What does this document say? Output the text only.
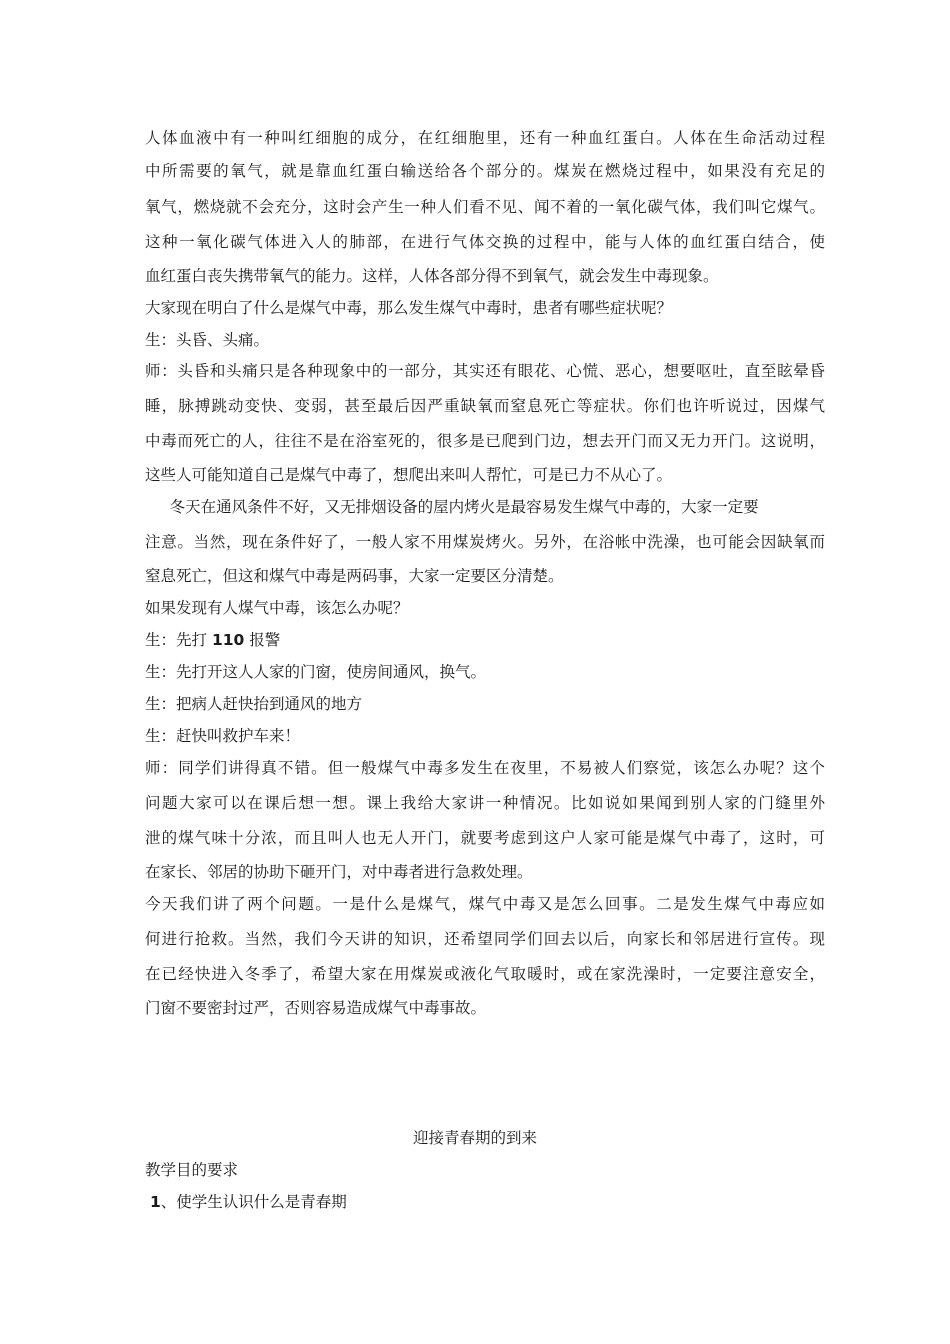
人体血液中有一种叫红细胞的成分，在红细胞里，还有一种血红蛋白。人体在生命活动过程
中所需要的氧气，就是靠血红蛋白输送给各个部分的。煤炭在燃烧过程中，如果没有充足的
氧气，燃烧就不会充分，这时会产生一种人们看不见、闻不着的一氧化碳气体，我们叫它煤气。
这种一氧化碳气体进入人的肺部，在进行气体交换的过程中，能与人体的血红蛋白结合，使
血红蛋白丧失携带氧气的能力。这样，人体各部分得不到氧气，就会发生中毒现象。
大家现在明白了什么是煤气中毒，那么发生煤气中毒时，患者有哪些症状呢？
生：头昏、头痛。
师：头昏和头痛只是各种现象中的一部分，其实还有眼花、心慌、恶心，想要呕吐，直至眩晕昏
睡，脉搏跳动变快、变弱，甚至最后因严重缺氧而窒息死亡等症状。你们也许听说过，因煤气
中毒而死亡的人，往往不是在浴室死的，很多是已爬到门边，想去开门而又无力开门。这说明，
这些人可能知道自己是煤气中毒了，想爬出来叫人帮忙，可是已力不从心了。
冬天在通风条件不好，又无排烟设备的屋内烤火是最容易发生煤气中毒的，大家一定要
注意。当然，现在条件好了，一般人家不用煤炭烤火。另外，在浴帐中洗澡，也可能会因缺氧而
窒息死亡，但这和煤气中毒是两码事，大家一定要区分清楚。
如果发现有人煤气中毒，该怎么办呢？
生：先打 110 报警
生：先打开这人人家的门窗，使房间通风，换气。
生：把病人赶快抬到通风的地方
生：赶快叫救护车来！
师：同学们讲得真不错。但一般煤气中毒多发生在夜里，不易被人们察觉，该怎么办呢？这个
问题大家可以在课后想一想。课上我给大家讲一种情况。比如说如果闻到别人家的门缝里外
泄的煤气味十分浓，而且叫人也无人开门，就要考虑到这户人家可能是煤气中毒了，这时，可
在家长、邻居的协助下砸开门，对中毒者进行急救处理。
今天我们讲了两个问题。一是什么是煤气，煤气中毒又是怎么回事。二是发生煤气中毒应如
何进行抢救。当然，我们今天讲的知识，还希望同学们回去以后，向家长和邻居进行宣传。现
在已经快进入冬季了，希望大家在用煤炭或液化气取暖时，或在家洗澡时，一定要注意安全，
门窗不要密封过严，否则容易造成煤气中毒事故。
迎接青春期的到来
教学目的要求
1、使学生认识什么是青春期
